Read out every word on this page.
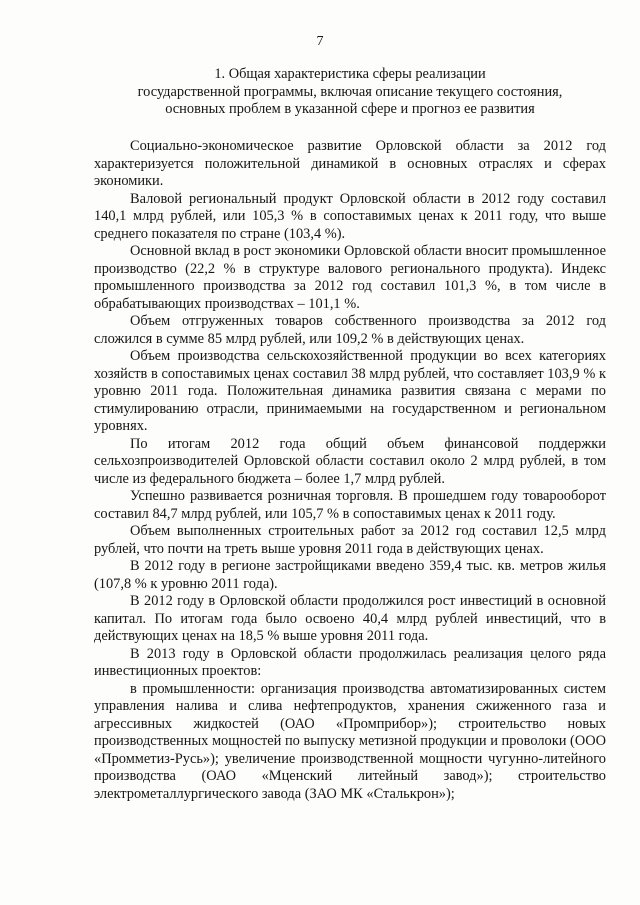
7
1. Общая характеристика сферы реализации
государственной программы, включая описание текущего состояния,
основных проблем в указанной сфере и прогноз ее развития

Социально-экономическое развитие Орловской области за 2012 год характеризуется положительной динамикой в основных отраслях и сферах экономики.

Валовой региональный продукт Орловской области в 2012 году составил 140,1 млрд рублей, или 105,3 % в сопоставимых ценах к 2011 году, что выше среднего показателя по стране (103,4 %).

Основной вклад в рост экономики Орловской области вносит промышленное производство (22,2 % в структуре валового регионального продукта). Индекс промышленного производства за 2012 год составил 101,3 %, в том числе в обрабатывающих производствах – 101,1 %.

Объем отгруженных товаров собственного производства за 2012 год сложился в сумме 85 млрд рублей, или 109,2 % в действующих ценах.

Объем производства сельскохозяйственной продукции во всех категориях хозяйств в сопоставимых ценах составил 38 млрд рублей, что составляет 103,9 % к уровню 2011 года. Положительная динамика развития связана с мерами по стимулированию отрасли, принимаемыми на государственном и региональном уровнях.

По итогам 2012 года общий объем финансовой поддержки сельхозпроизводителей Орловской области составил около 2 млрд рублей, в том числе из федерального бюджета – более 1,7 млрд рублей.

Успешно развивается розничная торговля. В прошедшем году товарооборот составил 84,7 млрд рублей, или 105,7 % в сопоставимых ценах к 2011 году.

Объем выполненных строительных работ за 2012 год составил 12,5 млрд рублей, что почти на треть выше уровня 2011 года в действующих ценах.

В 2012 году в регионе застройщиками введено 359,4 тыс. кв. метров жилья (107,8 % к уровню 2011 года).

В 2012 году в Орловской области продолжился рост инвестиций в основной капитал. По итогам года было освоено 40,4 млрд рублей инвестиций, что в действующих ценах на 18,5 % выше уровня 2011 года.

В 2013 году в Орловской области продолжилась реализация целого ряда инвестиционных проектов:

в промышленности: организация производства автоматизированных систем управления налива и слива нефтепродуктов, хранения сжиженного газа и агрессивных жидкостей (ОАО «Промприбор»); строительство новых производственных мощностей по выпуску метизной продукции и проволоки (ООО «Промметиз-Русь»); увеличение производственной мощности чугунно-литейного производства (ОАО «Мценский литейный завод»); строительство электрометаллургического завода (ЗАО МК «Сталькрон»);
